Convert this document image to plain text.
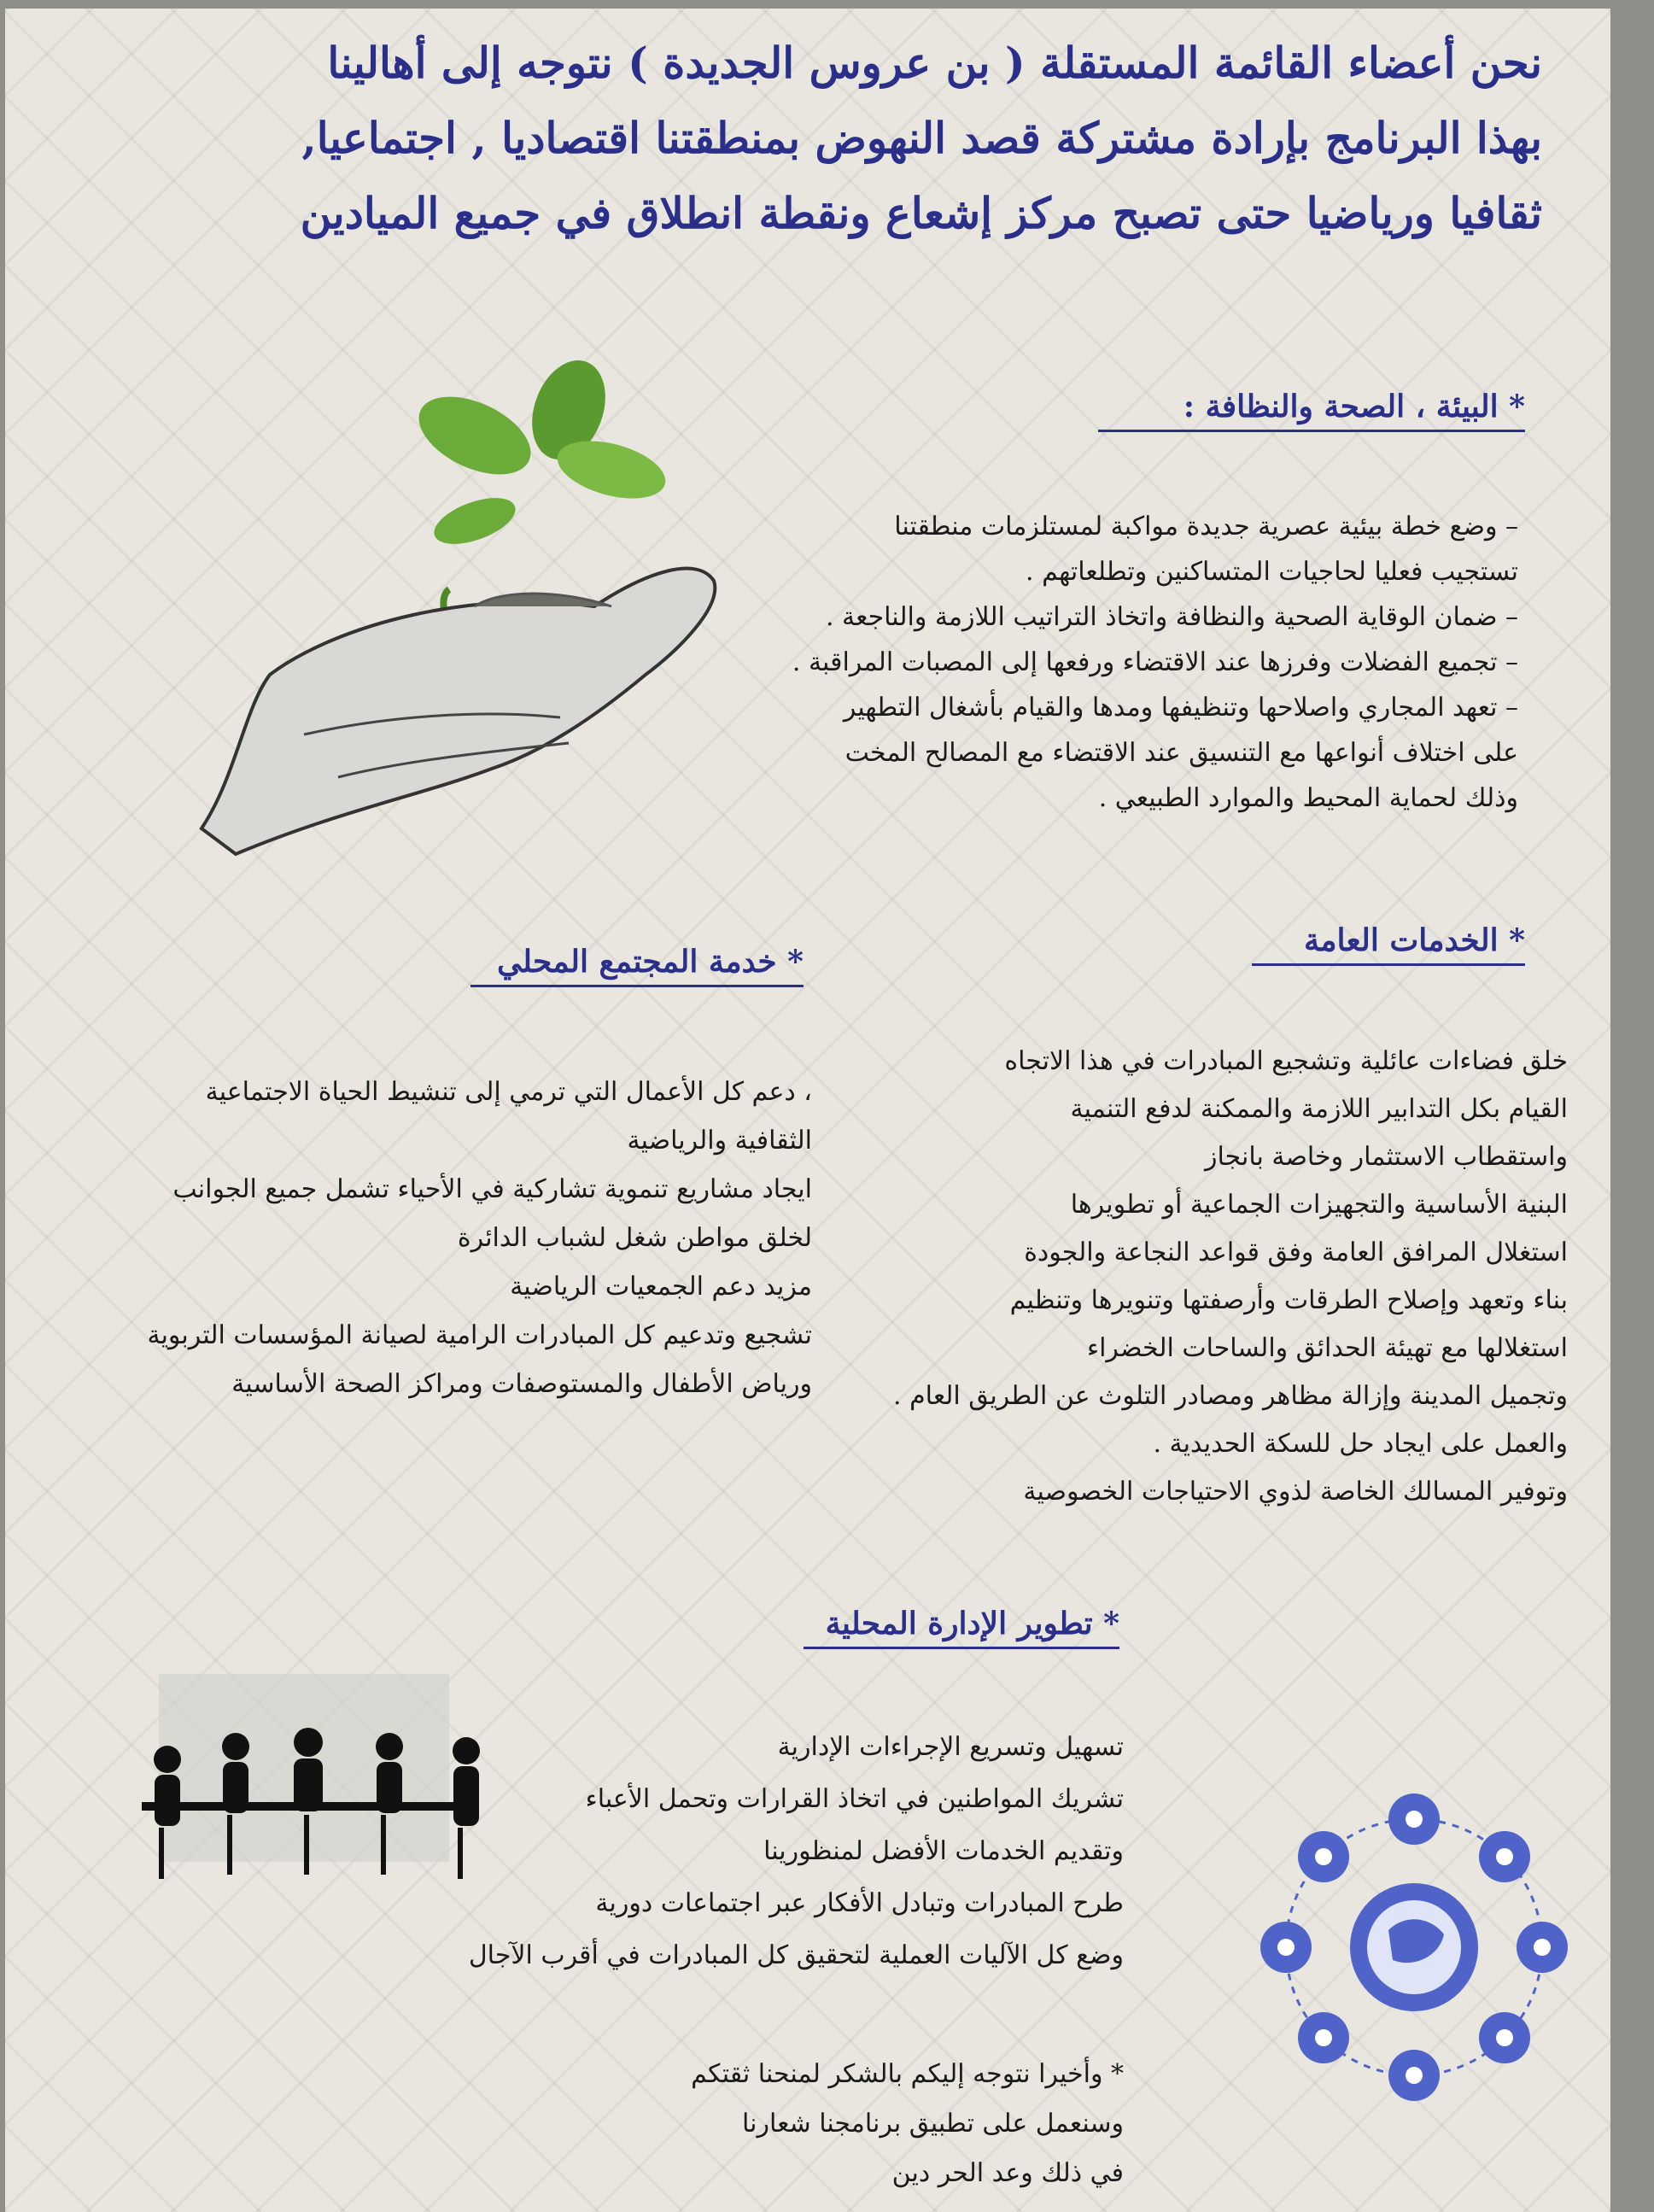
نحن أعضاء القائمة المستقلة ( بن عروس الجديدة ) نتوجه إلى أهالينا
بهذا البرنامج بإرادة مشتركة قصد النهوض بمنطقتنا اقتصاديا , اجتماعيا,
ثقافيا ورياضيا حتى تصبح مركز إشعاع ونقطة انطلاق في جميع الميادين
* البيئة ، الصحة والنظافة :
– وضع خطة بيئية عصرية جديدة مواكبة لمستلزمات منطقتنا
تستجيب فعليا لحاجيات المتساكنين وتطلعاتهم .
– ضمان الوقاية الصحية والنظافة واتخاذ التراتيب اللازمة والناجعة .
– تجميع الفضلات وفرزها عند الاقتضاء ورفعها إلى المصبات المراقبة .
– تعهد المجاري واصلاحها وتنظيفها ومدها والقيام بأشغال التطهير
على اختلاف أنواعها مع التنسيق عند الاقتضاء مع المصالح المخت
وذلك لحماية المحيط والموارد الطبيعي .
* الخدمات العامة
خلق فضاءات عائلية وتشجيع المبادرات في هذا الاتجاه
القيام بكل التدابير اللازمة والممكنة لدفع التنمية
واستقطاب الاستثمار وخاصة بانجاز
البنية الأساسية والتجهيزات الجماعية أو تطويرها
استغلال المرافق العامة وفق قواعد النجاعة والجودة
بناء وتعهد وإصلاح الطرقات وأرصفتها وتنويرها وتنظيم
استغلالها مع تهيئة الحدائق والساحات الخضراء
وتجميل المدينة وإزالة مظاهر ومصادر التلوث عن الطريق العام .
والعمل على ايجاد حل للسكة الحديدية .
وتوفير المسالك الخاصة لذوي الاحتياجات الخصوصية
* خدمة المجتمع المحلي
، دعم كل الأعمال التي ترمي إلى تنشيط الحياة الاجتماعية
الثقافية والرياضية
ايجاد مشاريع تنموية تشاركية في الأحياء تشمل جميع الجوانب
لخلق مواطن شغل لشباب الدائرة
مزيد دعم الجمعيات الرياضية
تشجيع وتدعيم كل المبادرات الرامية لصيانة المؤسسات التربوية
ورياض الأطفال والمستوصفات ومراكز الصحة الأساسية
* تطوير الإدارة المحلية
تسهيل وتسريع الإجراءات الإدارية
تشريك المواطنين في اتخاذ القرارات وتحمل الأعباء
وتقديم الخدمات الأفضل لمنظورينا
طرح المبادرات وتبادل الأفكار عبر اجتماعات دورية
وضع كل الآليات العملية لتحقيق كل المبادرات في أقرب الآجال
* وأخيرا نتوجه إليكم بالشكر لمنحنا ثقتكم
وسنعمل على تطبيق برنامجنا شعارنا
في ذلك وعد الحر دين
